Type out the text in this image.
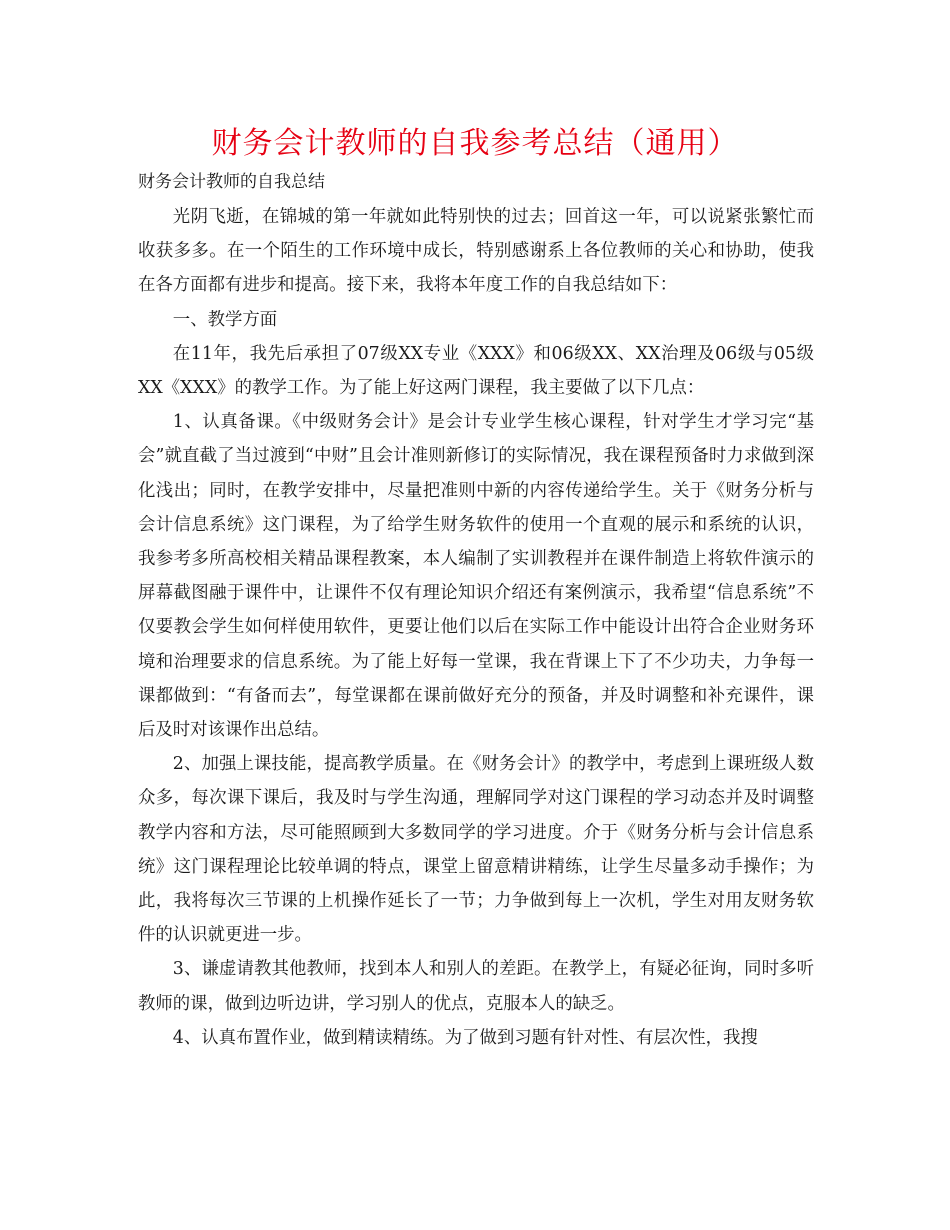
财务会计教师的自我参考总结（通用）
财务会计教师的自我总结

光阴飞逝，在锦城的第一年就如此特别快的过去；回首这一年，可以说紧张繁忙而收获多多。在一个陌生的工作环境中成长，特别感谢系上各位教师的关心和协助，使我在各方面都有进步和提高。接下来，我将本年度工作的自我总结如下：

一、教学方面

在11年，我先后承担了07级XX专业《XXX》和06级XX、XX治理及06级与05级XX《XXX》的教学工作。为了能上好这两门课程，我主要做了以下几点：

1、认真备课。《中级财务会计》是会计专业学生核心课程，针对学生才学习完“基会”就直截了当过渡到“中财”且会计准则新修订的实际情况，我在课程预备时力求做到深化浅出；同时，在教学安排中，尽量把准则中新的内容传递给学生。关于《财务分析与会计信息系统》这门课程，为了给学生财务软件的使用一个直观的展示和系统的认识，我参考多所高校相关精品课程教案，本人编制了实训教程并在课件制造上将软件演示的屏幕截图融于课件中，让课件不仅有理论知识介绍还有案例演示，我希望“信息系统”不仅要教会学生如何样使用软件，更要让他们以后在实际工作中能设计出符合企业财务环境和治理要求的信息系统。为了能上好每一堂课，我在背课上下了不少功夫，力争每一课都做到：“有备而去”，每堂课都在课前做好充分的预备，并及时调整和补充课件，课后及时对该课作出总结。

2、加强上课技能，提高教学质量。在《财务会计》的教学中，考虑到上课班级人数众多，每次课下课后，我及时与学生沟通，理解同学对这门课程的学习动态并及时调整教学内容和方法，尽可能照顾到大多数同学的学习进度。介于《财务分析与会计信息系统》这门课程理论比较单调的特点，课堂上留意精讲精练，让学生尽量多动手操作；为此，我将每次三节课的上机操作延长了一节；力争做到每上一次机，学生对用友财务软件的认识就更进一步。

3、谦虚请教其他教师，找到本人和别人的差距。在教学上，有疑必征询，同时多听教师的课，做到边听边讲，学习别人的优点，克服本人的缺乏。

4、认真布置作业，做到精读精练。为了做到习题有针对性、有层次性，我搜
